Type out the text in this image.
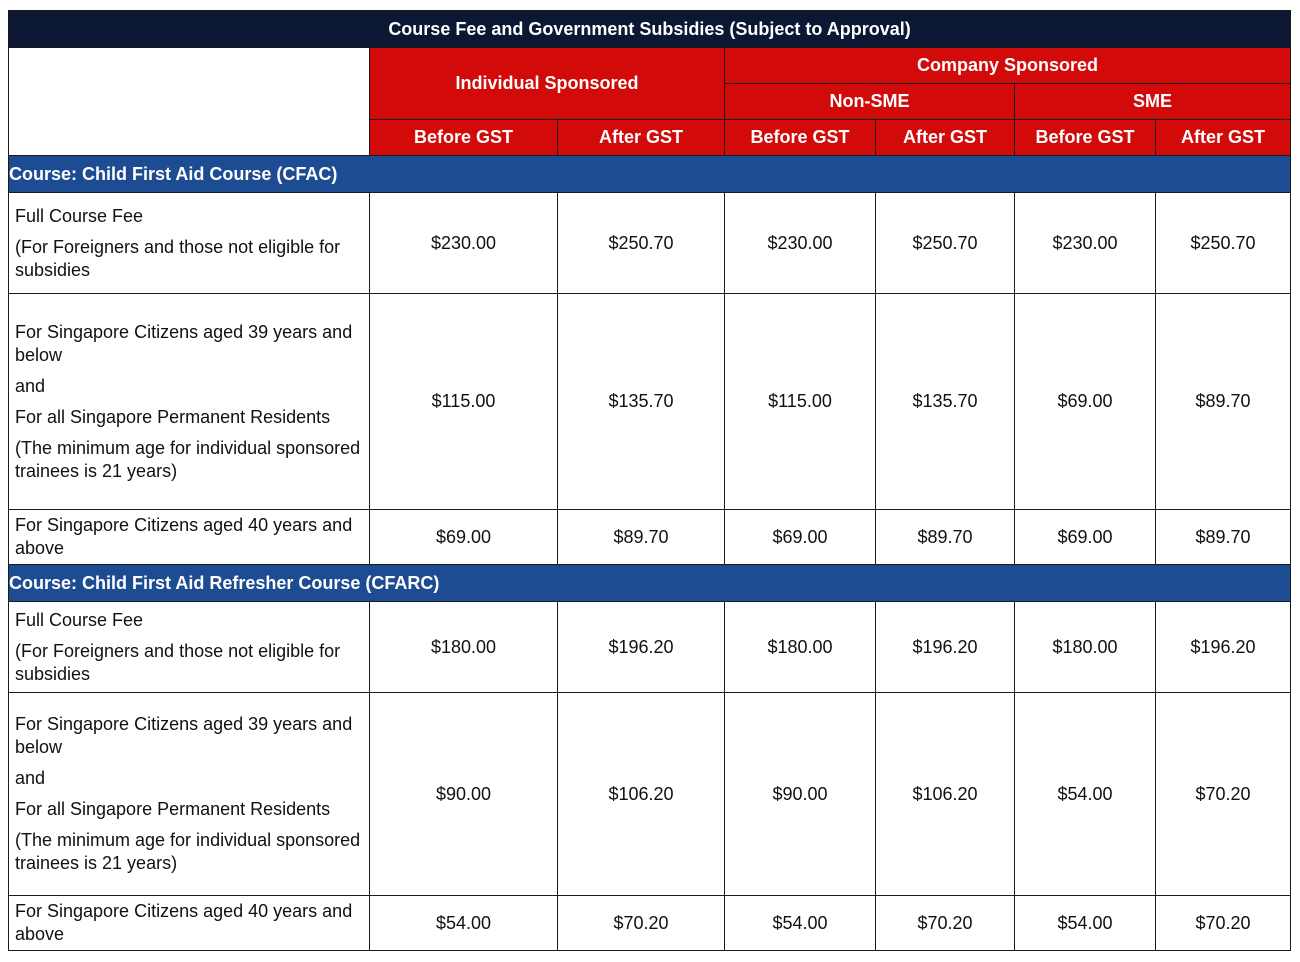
Course Fee and Government Subsidies (Subject to Approval)						
	Individual Sponsored		Company Sponsored			
			Non-SME		SME	
	Before GST	After GST	Before GST	After GST	Before GST	After GST
Course: Child First Aid Course (CFAC)						

Full Course Fee

(For Foreigners and those not eligible for subsidies	$230.00	$250.70	$230.00	$250.70	$230.00	$250.70

For Singapore Citizens aged 39 years and below

and

For all Singapore Permanent Residents

(The minimum age for individual sponsored trainees is 21 years)	$115.00	$135.70	$115.00	$135.70	$69.00	$89.70

For Singapore Citizens aged 40 years and above	$69.00	$89.70	$69.00	$89.70	$69.00	$89.70
Course: Child First Aid Refresher Course (CFARC)						

Full Course Fee

(For Foreigners and those not eligible for subsidies	$180.00	$196.20	$180.00	$196.20	$180.00	$196.20

For Singapore Citizens aged 39 years and below

and

For all Singapore Permanent Residents

(The minimum age for individual sponsored trainees is 21 years)	$90.00	$106.20	$90.00	$106.20	$54.00	$70.20

For Singapore Citizens aged 40 years and above	$54.00	$70.20	$54.00	$70.20	$54.00	$70.20
